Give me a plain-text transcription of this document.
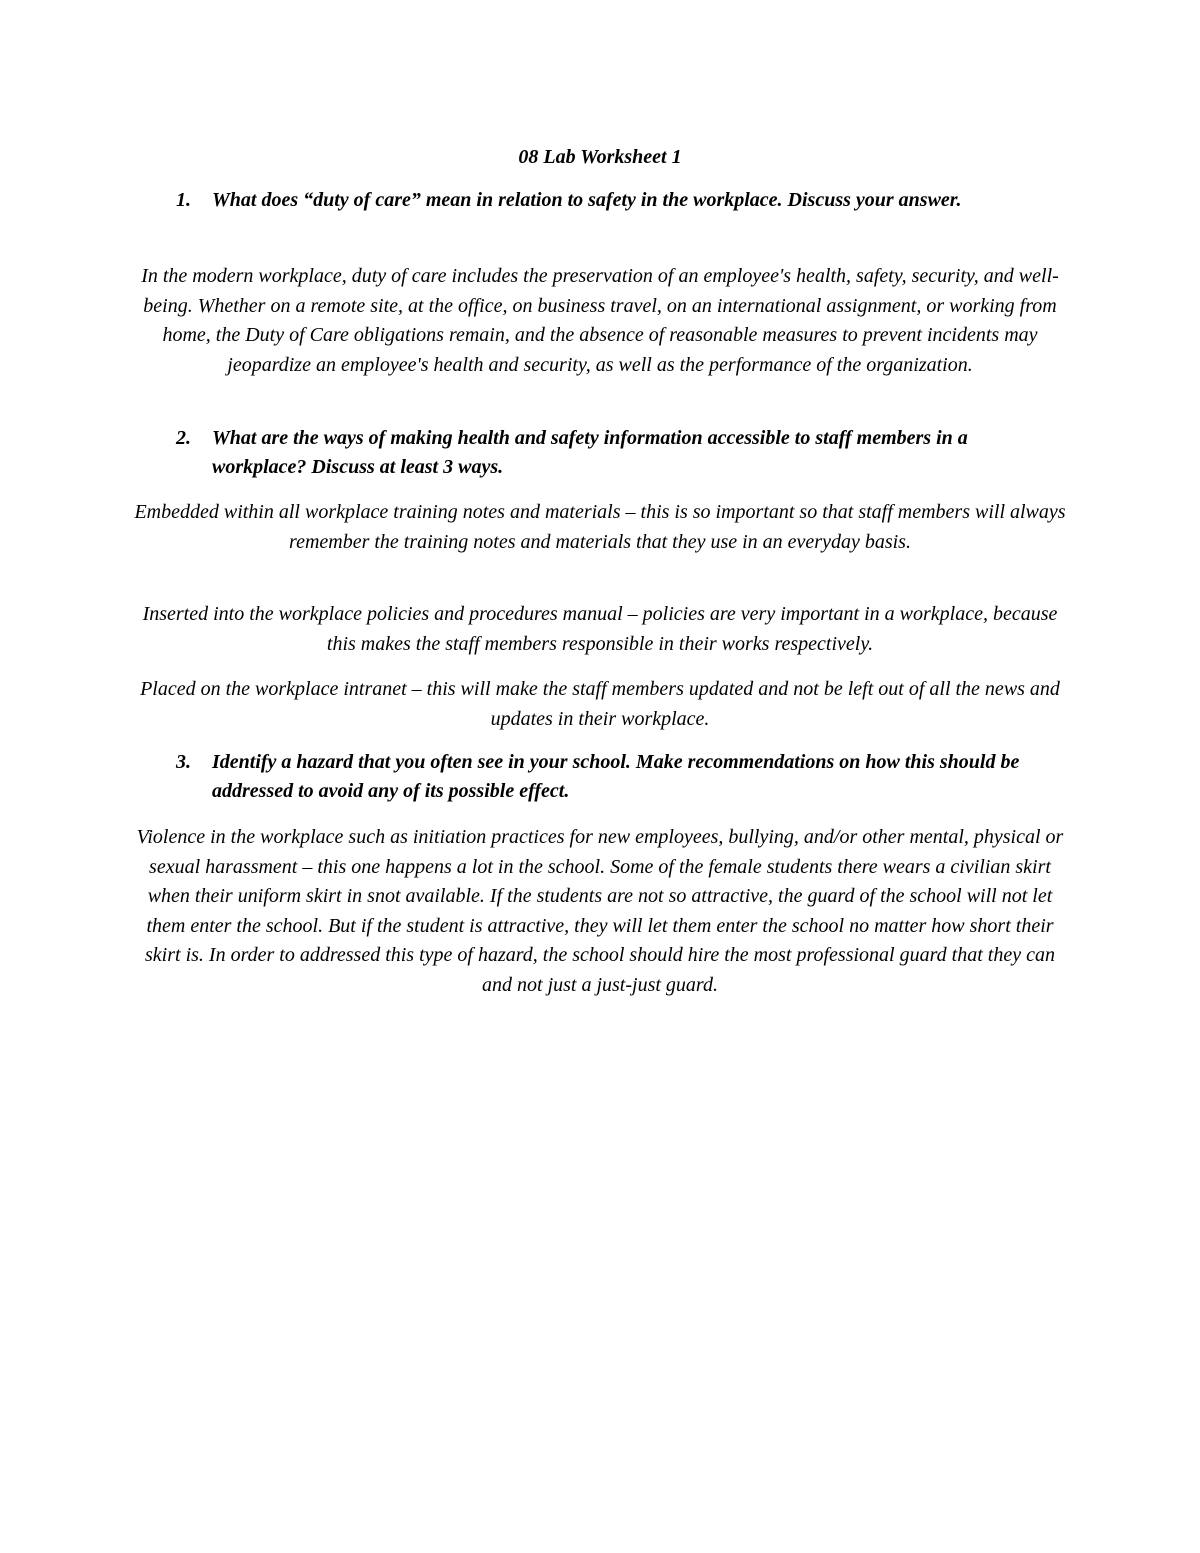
08 Lab Worksheet 1
1. What does “duty of care” mean in relation to safety in the workplace. Discuss your answer.
In the modern workplace, duty of care includes the preservation of an employee's health, safety, security, and well-being. Whether on a remote site, at the office, on business travel, on an international assignment, or working from home, the Duty of Care obligations remain, and the absence of reasonable measures to prevent incidents may jeopardize an employee's health and security, as well as the performance of the organization.
2. What are the ways of making health and safety information accessible to staff members in a workplace? Discuss at least 3 ways.
Embedded within all workplace training notes and materials – this is so important so that staff members will always remember the training notes and materials that they use in an everyday basis.
Inserted into the workplace policies and procedures manual – policies are very important in a workplace, because this makes the staff members responsible in their works respectively.
Placed on the workplace intranet – this will make the staff members updated and not be left out of all the news and updates in their workplace.
3. Identify a hazard that you often see in your school. Make recommendations on how this should be addressed to avoid any of its possible effect.
Violence in the workplace such as initiation practices for new employees, bullying, and/or other mental, physical or sexual harassment – this one happens a lot in the school. Some of the female students there wears a civilian skirt when their uniform skirt in snot available. If the students are not so attractive, the guard of the school will not let them enter the school. But if the student is attractive, they will let them enter the school no matter how short their skirt is. In order to addressed this type of hazard, the school should hire the most professional guard that they can and not just a just-just guard.
